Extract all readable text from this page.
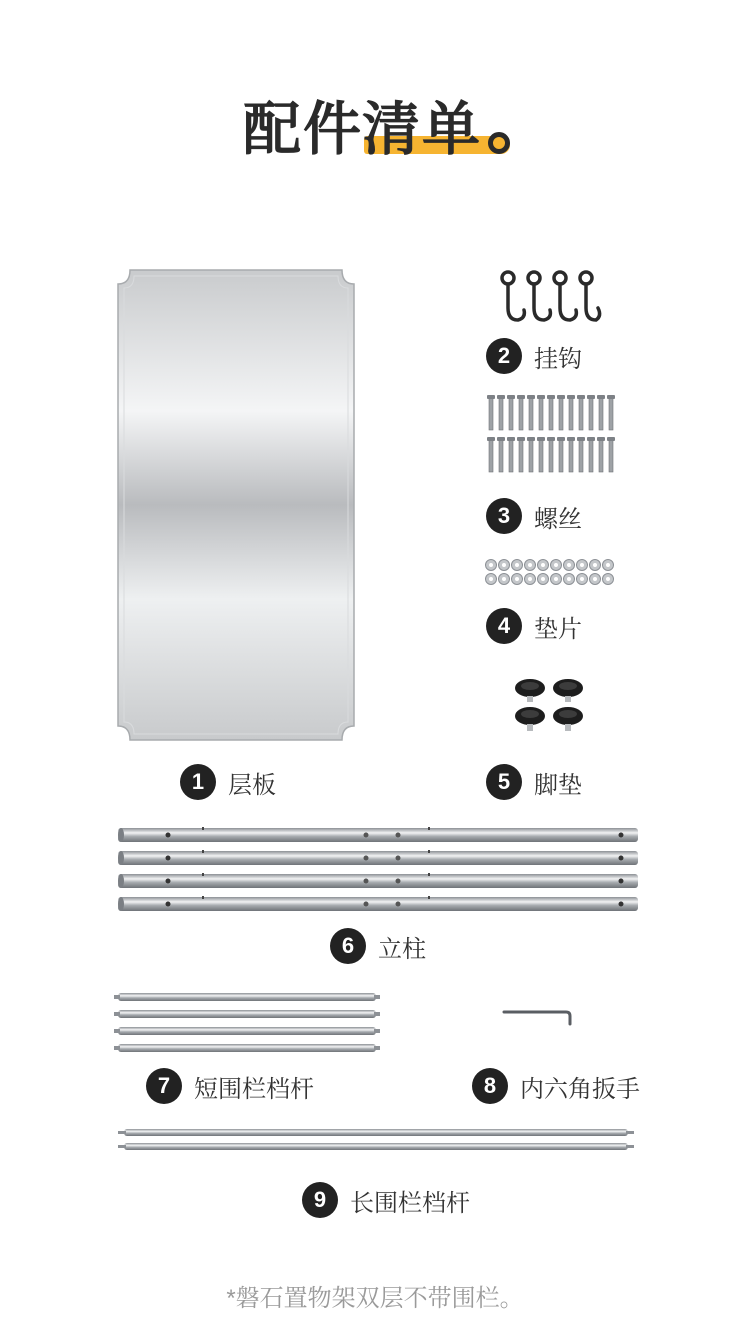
配件
清单
2 挂钩
3 螺丝
4 垫片
1 层板	5 脚垫
6 立柱
7 短围栏档杆	8 内六角扳手
9 长围栏档杆
*磐石置物架双层不带围栏。
